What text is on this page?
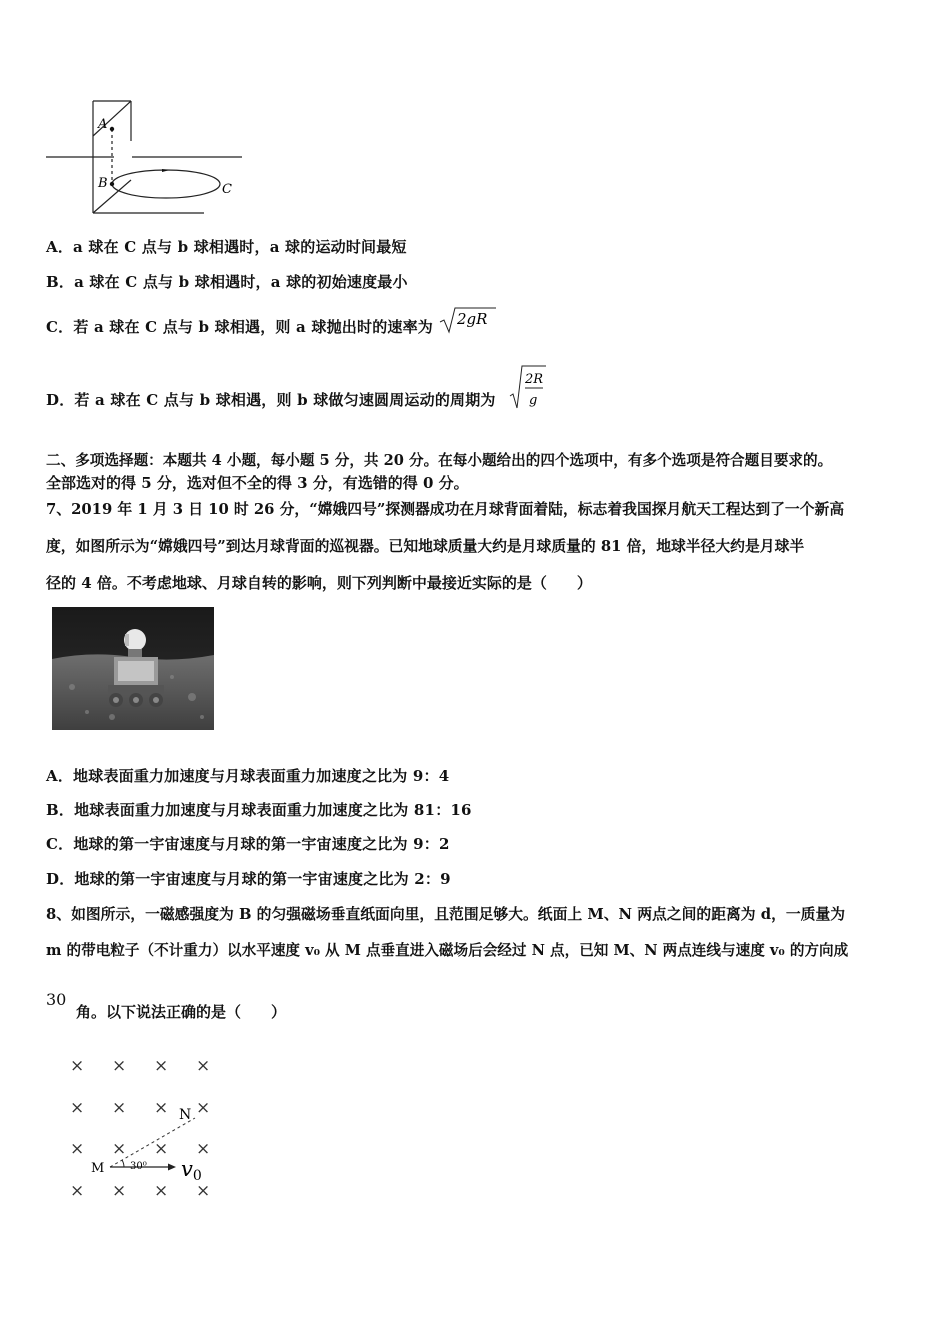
A
B	C
A．a 球在 C 点与 b 球相遇时，a 球的运动时间最短
B．a 球在 C 点与 b 球相遇时，a 球的初始速度最小
C．若 a 球在 C 点与 b 球相遇，则 a 球抛出时的速率为 2gR
D．若 a 球在 C 点与 b 球相遇，则 b 球做匀速圆周运动的周期为
2R
g
二、多项选择题：本题共 4 小题，每小题 5 分，共 20 分。在每小题给出的四个选项中，有多个选项是符合题目要求的。
全部选对的得 5 分，选对但不全的得 3 分，有选错的得 0 分。
7、2019 年 1 月 3 日 10 时 26 分，“嫦娥四号”探测器成功在月球背面着陆，标志着我国探月航天工程达到了一个新高
度，如图所示为“嫦娥四号”到达月球背面的巡视器。已知地球质量大约是月球质量的 81 倍，地球半径大约是月球半
径的 4 倍。不考虑地球、月球自转的影响，则下列判断中最接近实际的是（　　）
A．地球表面重力加速度与月球表面重力加速度之比为 9：4
B．地球表面重力加速度与月球表面重力加速度之比为 81：16
C．地球的第一宇宙速度与月球的第一宇宙速度之比为 9：2
D．地球的第一宇宙速度与月球的第一宇宙速度之比为 2：9
8、如图所示，一磁感强度为 B 的匀强磁场垂直纸面向里，且范围足够大。纸面上 M、N 两点之间的距离为 d，一质量为
m 的带电粒子（不计重力）以水平速度 v₀ 从 M 点垂直进入磁场后会经过 N 点，已知 M、N 两点连线与速度 v₀ 的方向成
30
角。以下说法正确的是（　　）
× × × ×
× × × ×
× × × ×
× × × ×
M
N
30⁰ v0
